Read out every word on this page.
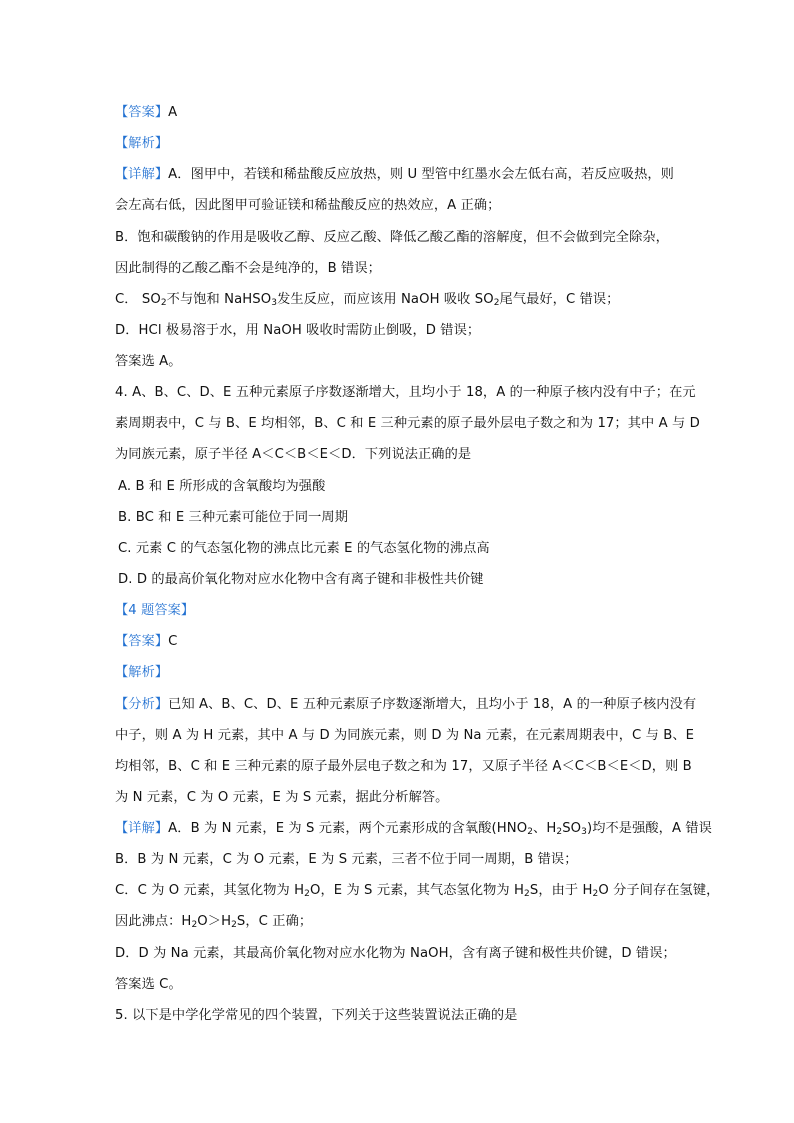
【答案】A
【解析】
【详解】A．图甲中，若镁和稀盐酸反应放热，则 U 型管中红墨水会左低右高，若反应吸热，则
会左高右低，因此图甲可验证镁和稀盐酸反应的热效应，A 正确；
B．饱和碳酸钠的作用是吸收乙醇、反应乙酸、降低乙酸乙酯的溶解度，但不会做到完全除杂，
因此制得的乙酸乙酯不会是纯净的，B 错误；
C． $SO_2$不与饱和 NaHSO$_3$发生反应，而应该用 NaOH 吸收 $SO_2$尾气最好，C 错误；
D．HCl 极易溶于水，用 NaOH 吸收时需防止倒吸，D 错误；
答案选 A。
4. A、B、C、D、E 五种元素原子序数逐渐增大，且均小于 18，A 的一种原子核内没有中子；在元
素周期表中，C 与 B、E 均相邻，B、C 和 E 三种元素的原子最外层电子数之和为 17；其中 A 与 D
为同族元素，原子半径 A＜C＜B＜E＜D．下列说法正确的是
A. B 和 E 所形成的含氧酸均为强酸
B. BC 和 E 三种元素可能位于同一周期
C. 元素 C 的气态氢化物的沸点比元素 E 的气态氢化物的沸点高
D. D 的最高价氧化物对应水化物中含有离子键和非极性共价键
【4 题答案】
【答案】C
【解析】
【分析】已知 A、B、C、D、E 五种元素原子序数逐渐增大，且均小于 18，A 的一种原子核内没有
中子，则 A 为 H 元素，其中 A 与 D 为同族元素，则 D 为 Na 元素，在元素周期表中，C 与 B、E
均相邻，B、C 和 E 三种元素的原子最外层电子数之和为 17，又原子半径 A＜C＜B＜E＜D，则 B
为 N 元素，C 为 O 元素，E 为 S 元素，据此分析解答。
【详解】A．B 为 N 元素，E 为 S 元素，两个元素形成的含氧酸($HNO_2$、$H_2SO_3$)均不是强酸，A 错误
B．B 为 N 元素，C 为 O 元素，E 为 S 元素，三者不位于同一周期，B 错误；
C．C 为 O 元素，其氢化物为 $H_2O$，E 为 S 元素，其气态氢化物为 $H_2S$，由于 $H_2O$ 分子间存在氢键，
因此沸点：$H_2O>H_2S$，C 正确；
D．D 为 Na 元素，其最高价氧化物对应水化物为 NaOH，含有离子键和极性共价键，D 错误；
答案选 C。
5. 以下是中学化学常见的四个装置，下列关于这些装置说法正确的是
